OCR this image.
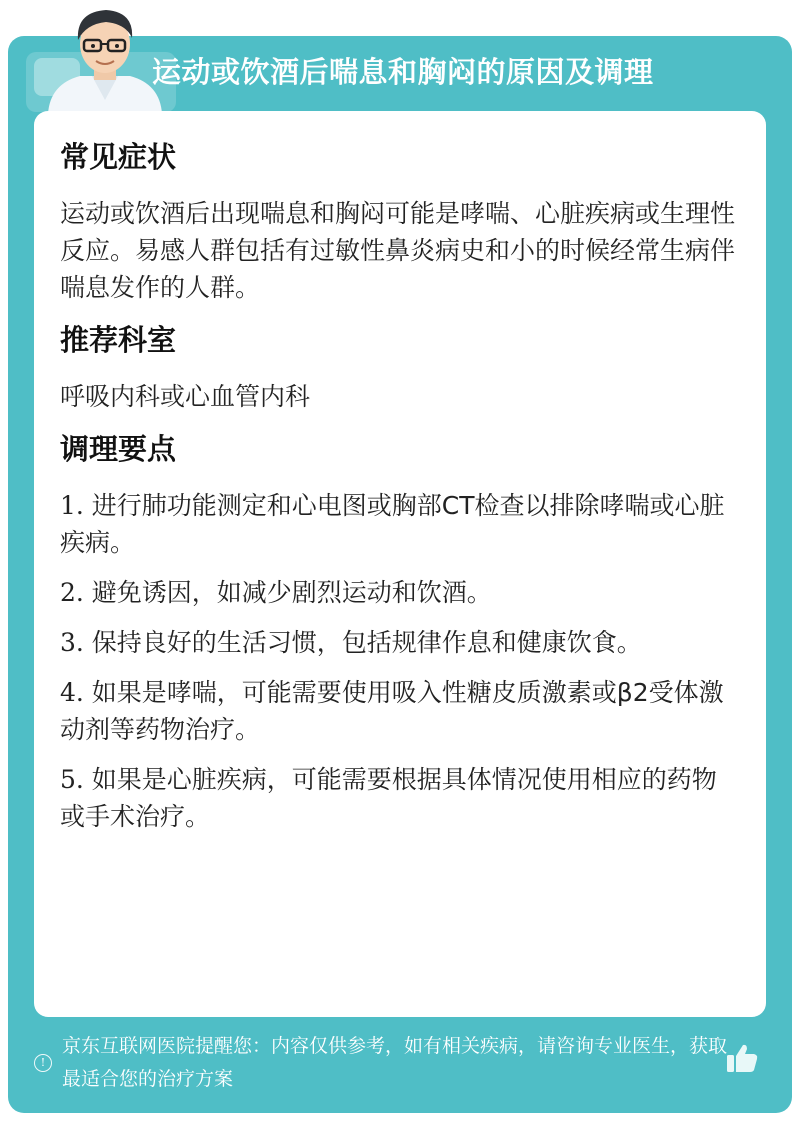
运动或饮酒后喘息和胸闷的原因及调理
常见症状
运动或饮酒后出现喘息和胸闷可能是哮喘、心脏疾病或生理性反应。易感人群包括有过敏性鼻炎病史和小的时候经常生病伴喘息发作的人群。
推荐科室
呼吸内科或心血管内科
调理要点
1. 进行肺功能测定和心电图或胸部CT检查以排除哮喘或心脏疾病。
2. 避免诱因，如减少剧烈运动和饮酒。
3. 保持良好的生活习惯，包括规律作息和健康饮食。
4. 如果是哮喘，可能需要使用吸入性糖皮质激素或β2受体激动剂等药物治疗。
5. 如果是心脏疾病，可能需要根据具体情况使用相应的药物或手术治疗。
!
京东互联网医院提醒您：内容仅供参考，如有相关疾病，请咨询专业医生，获取最适合您的治疗方案
